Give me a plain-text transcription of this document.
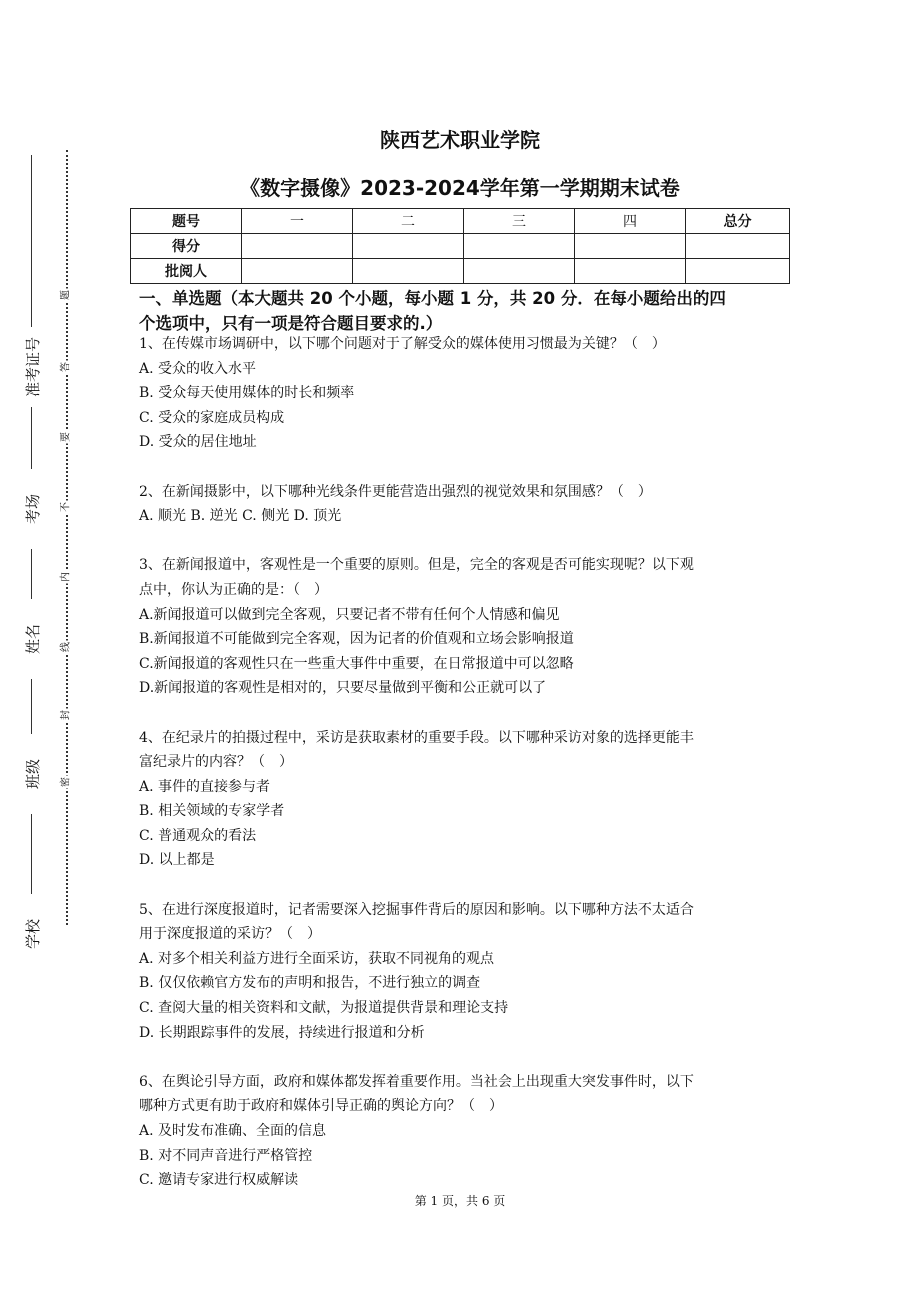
准考证号
考场
姓名
班级
学校
题
答
要
不
内
线
封
密
陕西艺术职业学院
《数字摄像》2023-2024学年第一学期期末试卷
题号	一	二	三	四	总分
得分					
批阅人					
一、单选题（本大题共 20 个小题，每小题 1 分，共 20 分．在每小题给出的四
个选项中，只有一项是符合题目要求的.）

1、在传媒市场调研中，以下哪个问题对于了解受众的媒体使用习惯最为关键？（　）

A. 受众的收入水平

B. 受众每天使用媒体的时长和频率

C. 受众的家庭成员构成

D. 受众的居住地址

2、在新闻摄影中，以下哪种光线条件更能营造出强烈的视觉效果和氛围感？（　）

A. 顺光 B. 逆光 C. 侧光 D. 顶光

3、在新闻报道中，客观性是一个重要的原则。但是，完全的客观是否可能实现呢？以下观

点中，你认为正确的是：（　）

A.新闻报道可以做到完全客观，只要记者不带有任何个人情感和偏见

B.新闻报道不可能做到完全客观，因为记者的价值观和立场会影响报道

C.新闻报道的客观性只在一些重大事件中重要，在日常报道中可以忽略

D.新闻报道的客观性是相对的，只要尽量做到平衡和公正就可以了

4、在纪录片的拍摄过程中，采访是获取素材的重要手段。以下哪种采访对象的选择更能丰

富纪录片的内容？（　）

A. 事件的直接参与者

B. 相关领域的专家学者

C. 普通观众的看法

D. 以上都是

5、在进行深度报道时，记者需要深入挖掘事件背后的原因和影响。以下哪种方法不太适合

用于深度报道的采访？（　）

A. 对多个相关利益方进行全面采访，获取不同视角的观点

B. 仅仅依赖官方发布的声明和报告，不进行独立的调查

C. 查阅大量的相关资料和文献，为报道提供背景和理论支持

D. 长期跟踪事件的发展，持续进行报道和分析

6、在舆论引导方面，政府和媒体都发挥着重要作用。当社会上出现重大突发事件时，以下

哪种方式更有助于政府和媒体引导正确的舆论方向？（　）

A. 及时发布准确、全面的信息

B. 对不同声音进行严格管控

C. 邀请专家进行权威解读

第 1 页，共 6 页
